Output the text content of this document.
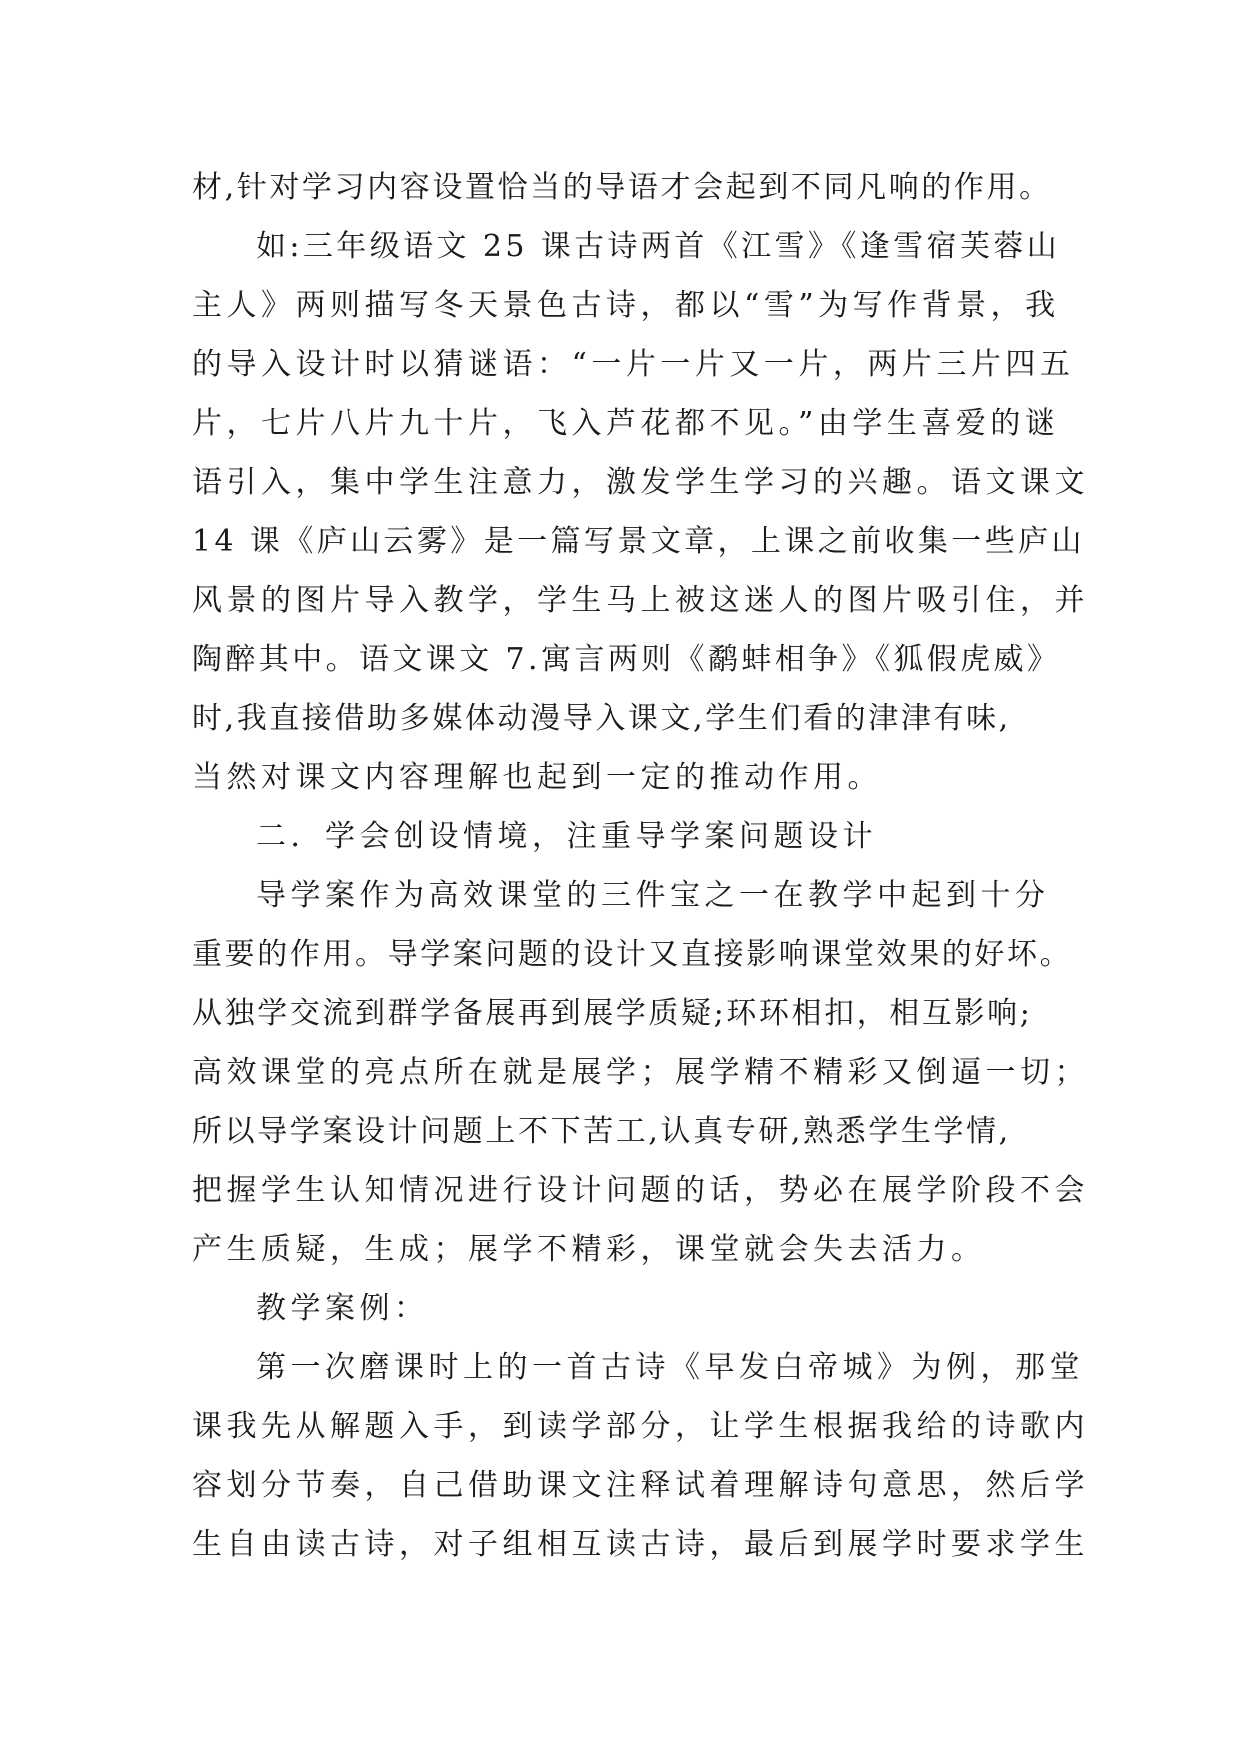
材,针对学习内容设置恰当的导语才会起到不同凡响的作用。
如:三年级语文 25 课古诗两首《江雪》《逢雪宿芙蓉山
主人》两则描写冬天景色古诗，都以“雪”为写作背景，我
的导入设计时以猜谜语：“一片一片又一片，两片三片四五
片，七片八片九十片，飞入芦花都不见。”由学生喜爱的谜
语引入，集中学生注意力，激发学生学习的兴趣。语文课文
14 课《庐山云雾》是一篇写景文章，上课之前收集一些庐山
风景的图片导入教学，学生马上被这迷人的图片吸引住，并
陶醉其中。语文课文 7.寓言两则《鹬蚌相争》《狐假虎威》
时,我直接借助多媒体动漫导入课文,学生们看的津津有味,
当然对课文内容理解也起到一定的推动作用。
二．学会创设情境，注重导学案问题设计
导学案作为高效课堂的三件宝之一在教学中起到十分
重要的作用。导学案问题的设计又直接影响课堂效果的好坏。
从独学交流到群学备展再到展学质疑;环环相扣，相互影响;
高效课堂的亮点所在就是展学；展学精不精彩又倒逼一切；
所以导学案设计问题上不下苦工,认真专研,熟悉学生学情,
把握学生认知情况进行设计问题的话，势必在展学阶段不会
产生质疑，生成；展学不精彩，课堂就会失去活力。
教学案例：
第一次磨课时上的一首古诗《早发白帝城》为例，那堂
课我先从解题入手，到读学部分，让学生根据我给的诗歌内
容划分节奏，自己借助课文注释试着理解诗句意思，然后学
生自由读古诗，对子组相互读古诗，最后到展学时要求学生
